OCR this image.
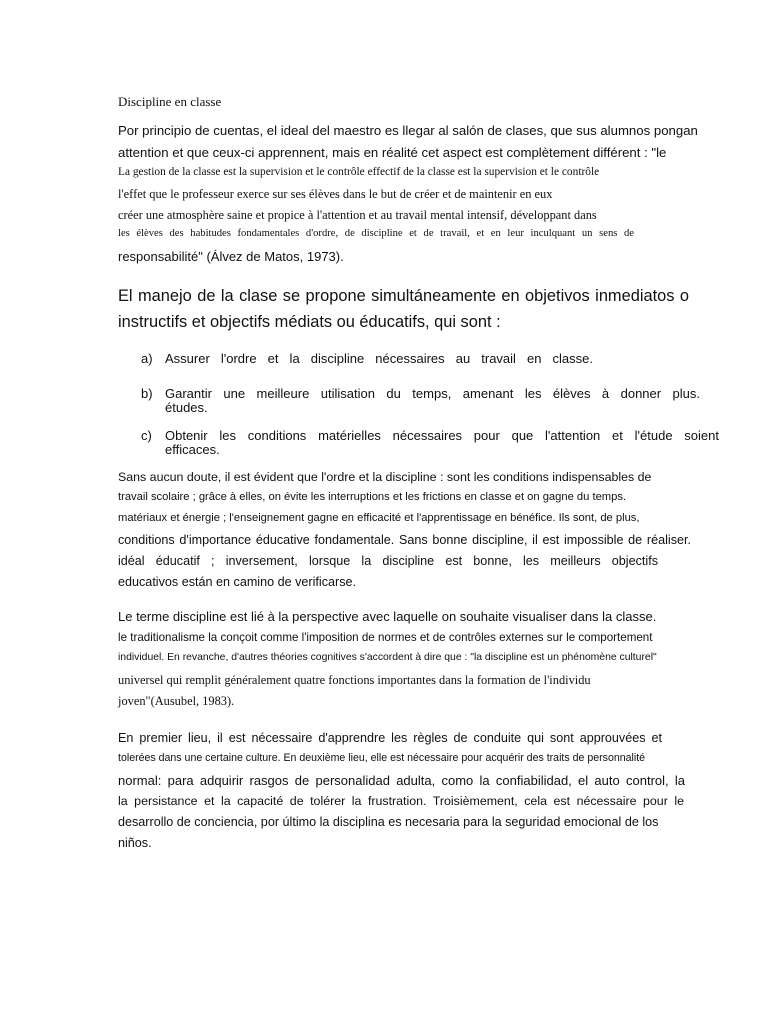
Discipline en classe
Por principio de cuentas, el ideal del maestro es llegar al salón de clases, que sus alumnos pongan
attention et que ceux-ci apprennent, mais en réalité cet aspect est complètement différent : "le
La gestion de la classe est la supervision et le contrôle effectif de la classe est la supervision et le contrôle
l'effet que le professeur exerce sur ses élèves dans le but de créer et de maintenir en eux
créer une atmosphère saine et propice à l'attention et au travail mental intensif, développant dans
les élèves des habitudes fondamentales d'ordre, de discipline et de travail, et en leur inculquant un sens de
responsabilité" (Álvez de Matos, 1973).
El manejo de la clase se propone simultáneamente en objetivos inmediatos o
instructifs et objectifs médiats ou éducatifs, qui sont :
a) Assurer l'ordre et la discipline nécessaires au travail en classe.
b) Garantir une meilleure utilisation du temps, amenant les élèves à donner plus.
études.
c) Obtenir les conditions matérielles nécessaires pour que l'attention et l'étude soient
efficaces.
Sans aucun doute, il est évident que l'ordre et la discipline : sont les conditions indispensables de
travail scolaire ; grâce à elles, on évite les interruptions et les frictions en classe et on gagne du temps.
matériaux et énergie ; l'enseignement gagne en efficacité et l'apprentissage en bénéfice. Ils sont, de plus,
conditions d'importance éducative fondamentale. Sans bonne discipline, il est impossible de réaliser.
idéal éducatif ; inversement, lorsque la discipline est bonne, les meilleurs objectifs
educativos están en camino de verificarse.
Le terme discipline est lié à la perspective avec laquelle on souhaite visualiser dans la classe.
le traditionalisme la conçoit comme l'imposition de normes et de contrôles externes sur le comportement
individuel. En revanche, d'autres théories cognitives s'accordent à dire que : "la discipline est un phénomène culturel"
universel qui remplit généralement quatre fonctions importantes dans la formation de l'individu
joven"(Ausubel, 1983).
En premier lieu, il est nécessaire d'apprendre les règles de conduite qui sont approuvées et
tolerées dans une certaine culture. En deuxième lieu, elle est nécessaire pour acquérir des traits de personnalité
normal: para adquirir rasgos de personalidad adulta, como la confiabilidad, el auto control, la
la persistance et la capacité de tolérer la frustration. Troisièmement, cela est nécessaire pour le
desarrollo de conciencia, por último la disciplina es necesaria para la seguridad emocional de los
niños.
